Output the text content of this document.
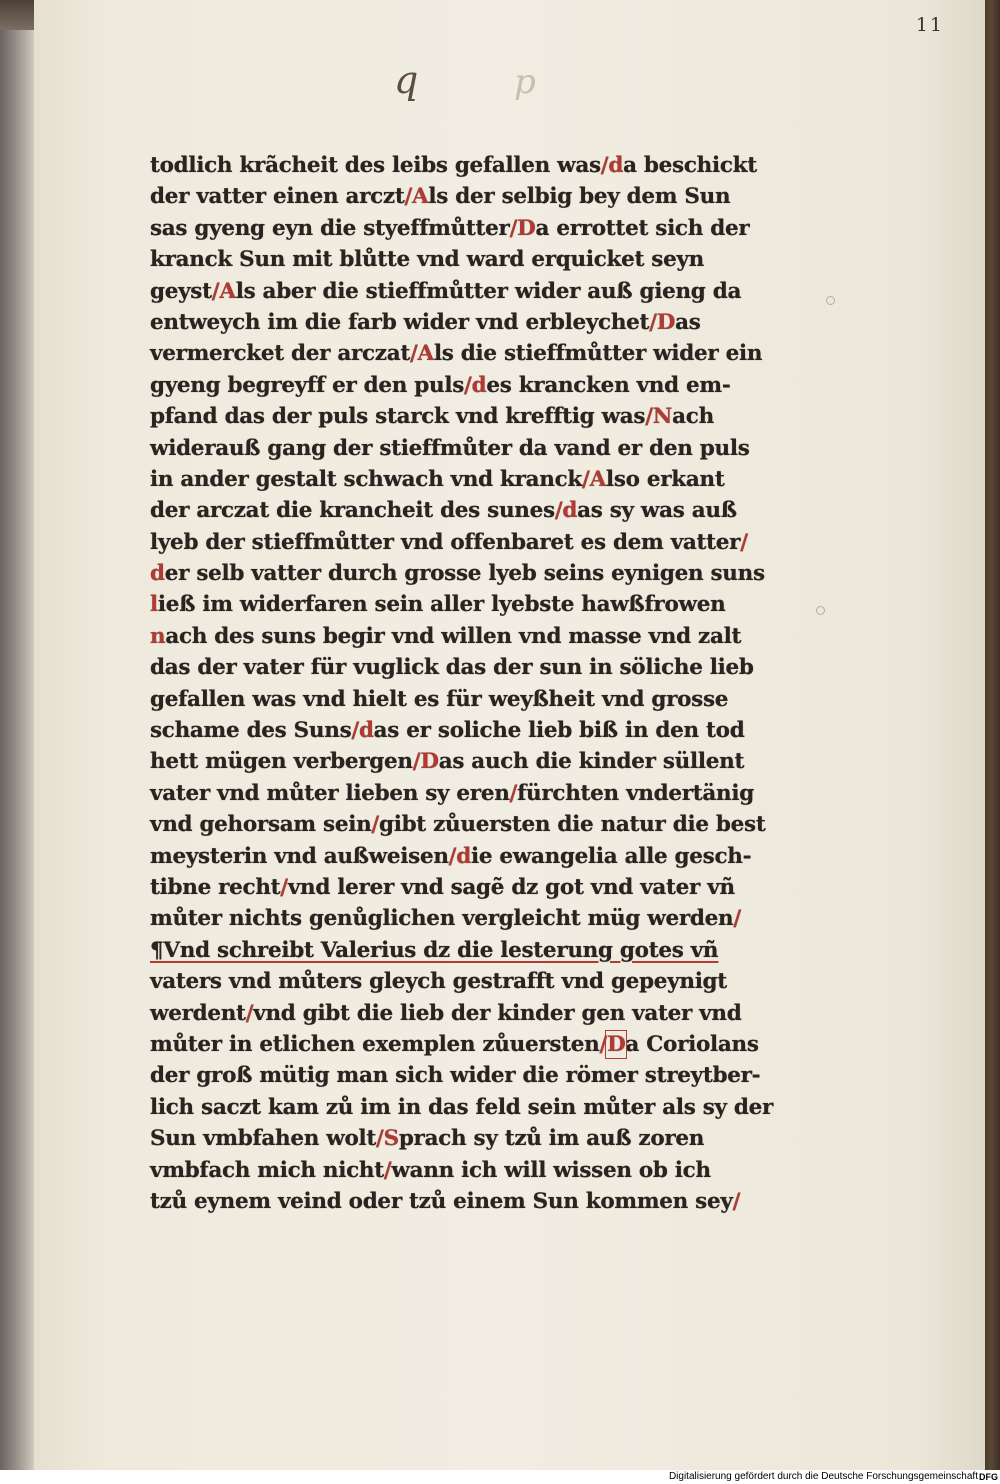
11
q	p
todlich krãcheit des leibs gefallen was/da beschickt
der vatter einen arczt/Als der selbig bey dem Sun
sas gyeng eyn die styeffmůtter/Da errottet sich der
kranck Sun mit blůtte vnd ward erquicket seyn
geyst/Als aber die stieffmůtter wider auß gieng da
entweych im die farb wider vnd erbleychet/Das
vermercket der arczat/Als die stieffmůtter wider ein
gyeng begreyff er den puls/des krancken vnd em-
pfand das der puls starck vnd krefftig was/Nach
widerauß gang der stieffmůter da vand er den puls
in ander gestalt schwach vnd kranck/Also erkant
der arczat die krancheit des sunes/das sy was auß
lyeb der stieffmůtter vnd offenbaret es dem vatter/
der selb vatter durch grosse lyeb seins eynigen suns
ließ im widerfaren sein aller lyebste hawßfrowen
nach des suns begir vnd willen vnd masse vnd zalt
das der vater für vuglick das der sun in söliche lieb
gefallen was vnd hielt es für weyßheit vnd grosse
schame des Suns/das er soliche lieb biß in den tod
hett mügen verbergen/Das auch die kinder süllent
vater vnd můter lieben sy eren/fürchten vndertänig
vnd gehorsam sein/gibt zůuersten die natur die best
meysterin vnd außweisen/die ewangelia alle gesch-
tibne recht/vnd lerer vnd sagẽ dz got vnd vater vñ
můter nichts genůglichen vergleicht müg werden/
¶Vnd schreibt Valerius dz die lesterung gotes vñ
vaters vnd můters gleych gestrafft vnd gepeynigt
werdent/vnd gibt die lieb der kinder gen vater vnd
můter in etlichen exemplen zůuersten/Da Coriolans
der groß mütig man sich wider die römer streytber-
lich saczt kam zů im in das feld sein můter als sy der
Sun vmbfahen wolt/Sprach sy tzů im auß zoren
vmbfach mich nicht/wann ich will wissen ob ich
tzů eynem veind oder tzů einem Sun kommen sey/
Digitalisierung gefördert durch die Deutsche Forschungsgemeinschaft DFG
